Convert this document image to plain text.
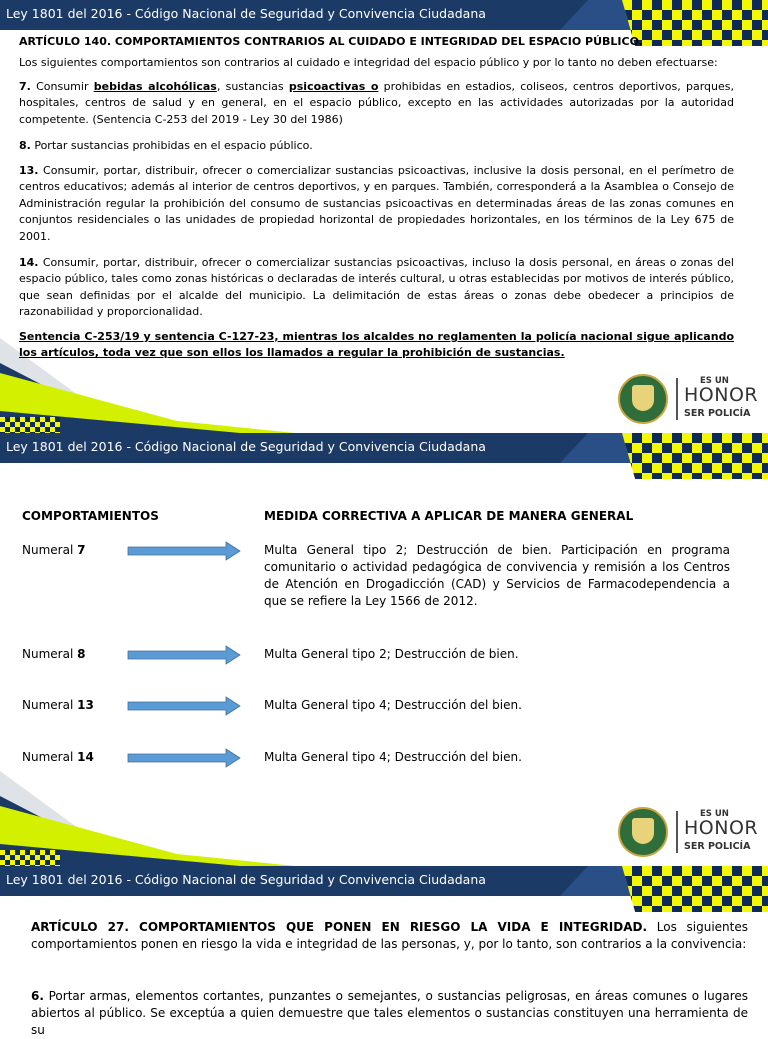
Ley 1801 del 2016 - Código Nacional de Seguridad y Convivencia Ciudadana

ARTÍCULO 140. COMPORTAMIENTOS CONTRARIOS AL CUIDADO E INTEGRIDAD DEL ESPACIO PÚBLICO.

Los siguientes comportamientos son contrarios al cuidado e integridad del espacio público y por lo tanto no deben efectuarse:

7. Consumir bebidas alcohólicas, sustancias psicoactivas o prohibidas en estadios, coliseos, centros deportivos, parques, hospitales, centros de salud y en general, en el espacio público, excepto en las actividades autorizadas por la autoridad competente. (Sentencia C-253 del 2019 - Ley 30 del 1986)

8. Portar sustancias prohibidas en el espacio público.

13. Consumir, portar, distribuir, ofrecer o comercializar sustancias psicoactivas, inclusive la dosis personal, en el perímetro de centros educativos; además al interior de centros deportivos, y en parques. También, corresponderá a la Asamblea o Consejo de Administración regular la prohibición del consumo de sustancias psicoactivas en determinadas áreas de las zonas comunes en conjuntos residenciales o las unidades de propiedad horizontal de propiedades horizontales, en los términos de la Ley 675 de 2001.

14. Consumir, portar, distribuir, ofrecer o comercializar sustancias psicoactivas, incluso la dosis personal, en áreas o zonas del espacio público, tales como zonas históricas o declaradas de interés cultural, u otras establecidas por motivos de interés público, que sean definidas por el alcalde del municipio. La delimitación de estas áreas o zonas debe obedecer a principios de razonabilidad y proporcionalidad.

Sentencia C-253/19 y sentencia C-127-23, mientras los alcaldes no reglamenten la policía nacional sigue aplicando los artículos, toda vez que son ellos los llamados a regular la prohibición de sustancias.

ES UN
HONOR
SER POLICÍA
Ley 1801 del 2016 - Código Nacional de Seguridad y Convivencia Ciudadana
COMPORTAMIENTOS	MEDIDA CORRECTIVA A APLICAR DE MANERA GENERAL
Numeral 7	Multa General tipo 2; Destrucción de bien. Participación en programa comunitario o actividad pedagógica de convivencia y remisión a los Centros de Atención en Drogadicción (CAD) y Servicios de Farmacodependencia a que se refiere la Ley 1566 de 2012.

Numeral 8	Multa General tipo 2; Destrucción de bien.

Numeral 13	Multa General tipo 4; Destrucción del bien.

Numeral 14	Multa General tipo 4; Destrucción del bien.

ES UN
HONOR
SER POLICÍA
Ley 1801 del 2016 - Código Nacional de Seguridad y Convivencia Ciudadana

ARTÍCULO 27. COMPORTAMIENTOS QUE PONEN EN RIESGO LA VIDA E INTEGRIDAD. Los siguientes comportamientos ponen en riesgo la vida e integridad de las personas, y, por lo tanto, son contrarios a la convivencia:

6. Portar armas, elementos cortantes, punzantes o semejantes, o sustancias peligrosas, en áreas comunes o lugares abiertos al público. Se exceptúa a quien demuestre que tales elementos o sustancias constituyen una herramienta de su
